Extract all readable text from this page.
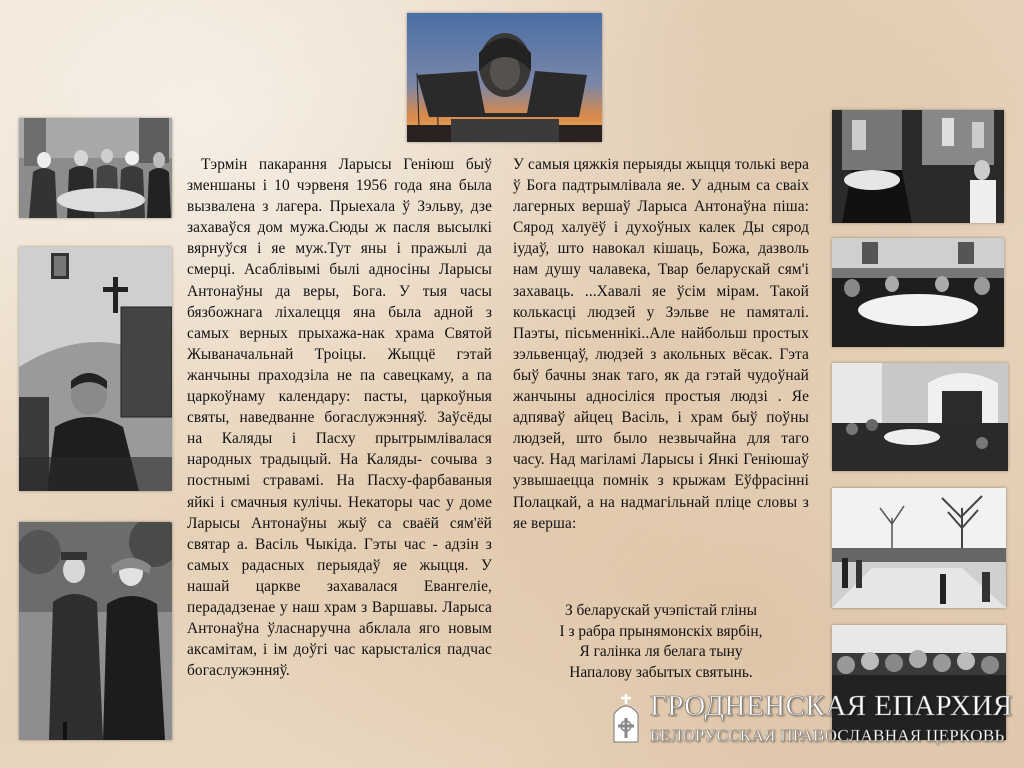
Тэрмін пакарання Ларысы Геніюш быў зменшаны і 10 чэрвеня 1956 года яна была вызвалена з лагера. Прыехала ў Зэльву, дзе захаваўся дом мужа.Сюды ж пасля высылкі вярнуўся і яе муж.Тут яны і пражылі да смерці. Асаблівымі былі адносіны Ларысы Антонаўны да веры, Бога. У тыя часы бязбожнага ліхалецця яна была адной з самых верных прыхажа-нак храма Святой Жываначальнай Троіцы. Жыццё гэтай жанчыны праходзіла не па савецкаму, а па царкоўнаму календару: пасты, царкоўныя святы, наведванне богаслужэнняў. Заўсёды на Каляды і Пасху прытрымлівалася народных традыцый. На Каляды- сочыва з постнымі стравамі. На Пасху-фарбаваныя яйкі і смачныя кулічы. Некаторы час у доме Ларысы Антонаўны жыў са сваёй сям'ёй святар а. Васіль Чыкіда. Гэты час - адзін з самых радасных перыядаў яе жыцця. У нашай царкве захавалася Евангеліе, перададзенае у наш храм з Варшавы. Ларыса Антонаўна ўласнаручна абклала яго новым аксамітам, і ім доўгі час карысталіся падчас богаслужэнняў.

У самыя цяжкія перыяды жыцця толькі вера ў Бога падтрымлівала яе. У адным са сваіх лагерных вершаў Ларыса Антонаўна піша: Сярод халуёў і духоўных калек Ды сярод іудаў, што навокал кішаць, Божа, дазволь нам душу чалавека, Твар беларускай сям'і захаваць. ...Хавалі яе ўсім мірам. Такой колькасці людзей у Зэльве не памяталі. Паэты, пісьменнікі..Але найбольш простых зэльвенцаў, людзей з акольных вёсак. Гэта быў бачны знак таго, як да гэтай чудоўнай жанчыны адносіліся простыя людзі . Яе адпяваў айцец Васіль, і храм быў поўны людзей, што было незвычайна для таго часу. Над магіламі Ларысы і Янкі Геніюшаў узвышаецца помнік з крыжам Еўфрасінні Полацкай, а на надмагільнай пліце словы з яе верша:

З беларускай учэпістай гліны
І з рабра прынямонскіх вярбін,
Я галінка ля белага тыну
Напалову забытых святынь.
ГРОДНЕНСКАЯ ЕПАРХИЯ
БЕЛОРУССКАЯ ПРАВОСЛАВНАЯ ЦЕРКОВЬ
